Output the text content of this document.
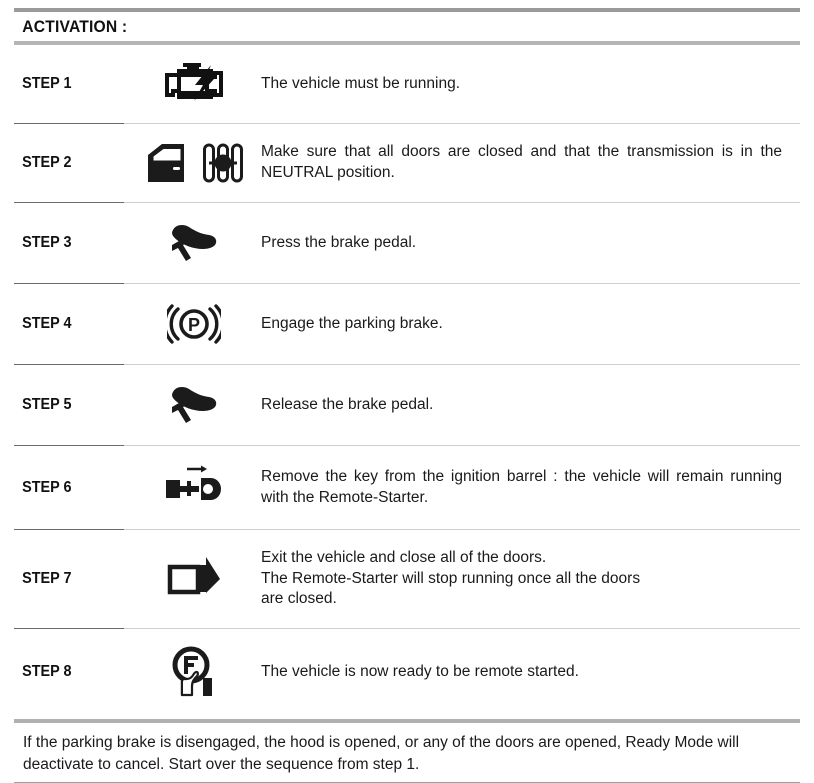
ACTIVATION :
STEP 1	The vehicle must be running.
STEP 2
Make sure that all doors are closed and that the transmission is in the NEUTRAL position.
STEP 3	Press the brake pedal.
STEP 4	P	Engage the parking brake.
STEP 5	Release the brake pedal.
STEP 6
Remove the key from the ignition barrel : the vehicle will remain running with the Remote-Starter.
STEP 7
Exit the vehicle and close all of the doors.
The Remote-Starter will stop running once all the doors
are closed.
STEP 8	The vehicle is now ready to be remote started.
If the parking brake is disengaged, the hood is opened, or any of the doors are opened, Ready Mode will deactivate to cancel. Start over the sequence from step 1.
